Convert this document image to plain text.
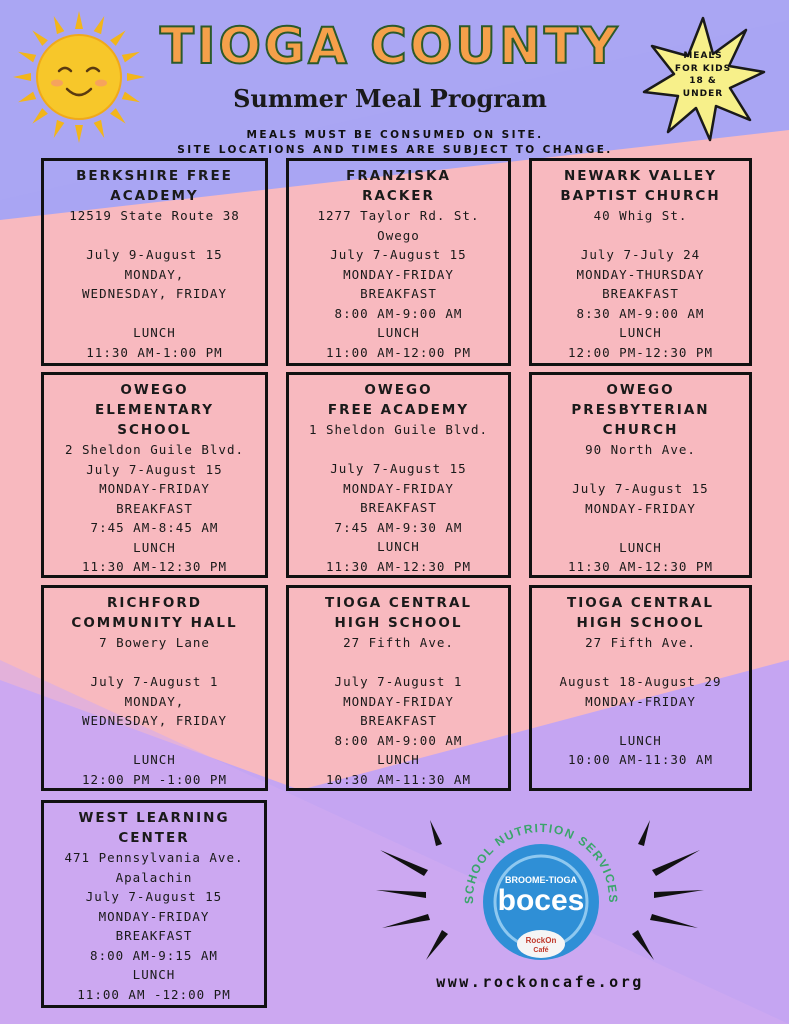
TIOGA COUNTY
Summer Meal Program
MEALS MUST BE CONSUMED ON SITE.
SITE LOCATIONS AND TIMES ARE SUBJECT TO CHANGE.
MEALS
FOR KIDS
18 &
UNDER
BERKSHIRE FREE
ACADEMY
12519 State Route 38
July 9-August 15
MONDAY,
WEDNESDAY, FRIDAY
LUNCH
11:30 AM-1:00 PM
FRANZISKA
RACKER
1277 Taylor Rd. St.
Owego
July 7-August 15
MONDAY-FRIDAY
BREAKFAST
8:00 AM-9:00 AM
LUNCH
11:00 AM-12:00 PM
NEWARK VALLEY
BAPTIST CHURCH
40 Whig St.
July 7-July 24
MONDAY-THURSDAY
BREAKFAST
8:30 AM-9:00 AM
LUNCH
12:00 PM-12:30 PM
OWEGO
ELEMENTARY
SCHOOL
2 Sheldon Guile Blvd.
July 7-August 15
MONDAY-FRIDAY
BREAKFAST
7:45 AM-8:45 AM
LUNCH
11:30 AM-12:30 PM
OWEGO
FREE ACADEMY
1 Sheldon Guile Blvd.
July 7-August 15
MONDAY-FRIDAY
BREAKFAST
7:45 AM-9:30 AM
LUNCH
11:30 AM-12:30 PM
OWEGO
PRESBYTERIAN
CHURCH
90 North Ave.
July 7-August 15
MONDAY-FRIDAY
LUNCH
11:30 AM-12:30 PM
RICHFORD
COMMUNITY HALL
7 Bowery Lane
July 7-August 1
MONDAY,
WEDNESDAY, FRIDAY
LUNCH
12:00 PM -1:00 PM
TIOGA CENTRAL
HIGH SCHOOL
27 Fifth Ave.
July 7-August 1
MONDAY-FRIDAY
BREAKFAST
8:00 AM-9:00 AM
LUNCH
10:30 AM-11:30 AM
TIOGA CENTRAL
HIGH SCHOOL
27 Fifth Ave.
August 18-August 29
MONDAY-FRIDAY
LUNCH
10:00 AM-11:30 AM
WEST LEARNING
CENTER
471 Pennsylvania Ave.
Apalachin
July 7-August 15
MONDAY-FRIDAY
BREAKFAST
8:00 AM-9:15 AM
LUNCH
11:00 AM -12:00 PM
SCHOOL NUTRITION SERVICES
BROOME-TIOGA
boces
RockOn
Café
www.rockoncafe.org
